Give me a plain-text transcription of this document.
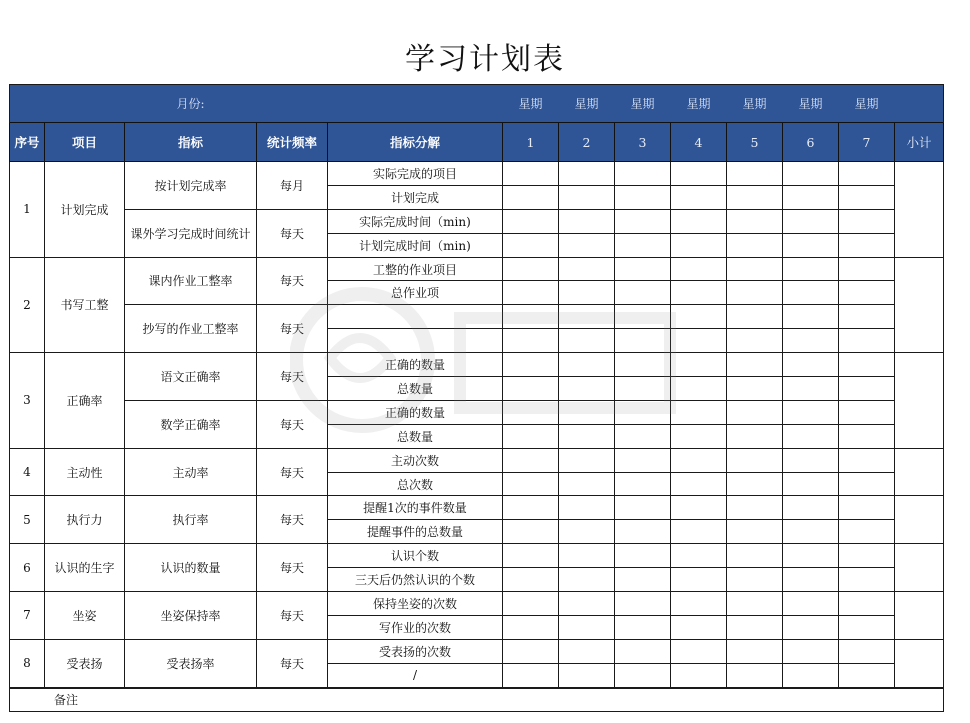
学习计划表
		月份:			星期	星期	星期	星期	星期	星期	星期	
序号	项目	指标	统计频率	指标分解	1	2	3	4	5	6	7	小计
1	计划完成	按计划完成率	每月	实际完成的项目								
				计划完成								
		课外学习完成时间统计	每天	实际完成时间（min)								
				计划完成时间（min)								
2	书写工整	课内作业工整率	每天	工整的作业项目								
				总作业项								
		抄写的作业工整率	每天									

3	正确率	语文正确率	每天	正确的数量								
				总数量								
		数学正确率	每天	正确的数量								
				总数量								
4	主动性	主动率	每天	主动次数								
				总次数								
5	执行力	执行率	每天	提醒1次的事件数量								
				提醒事件的总数量								
6	认识的生字	认识的数量	每天	认识个数								
				三天后仍然认识的个数								
7	坐姿	坐姿保持率	每天	保持坐姿的次数								
				写作业的次数								
8	受表扬	受表扬率	每天	受表扬的次数								
				/								
备注												
